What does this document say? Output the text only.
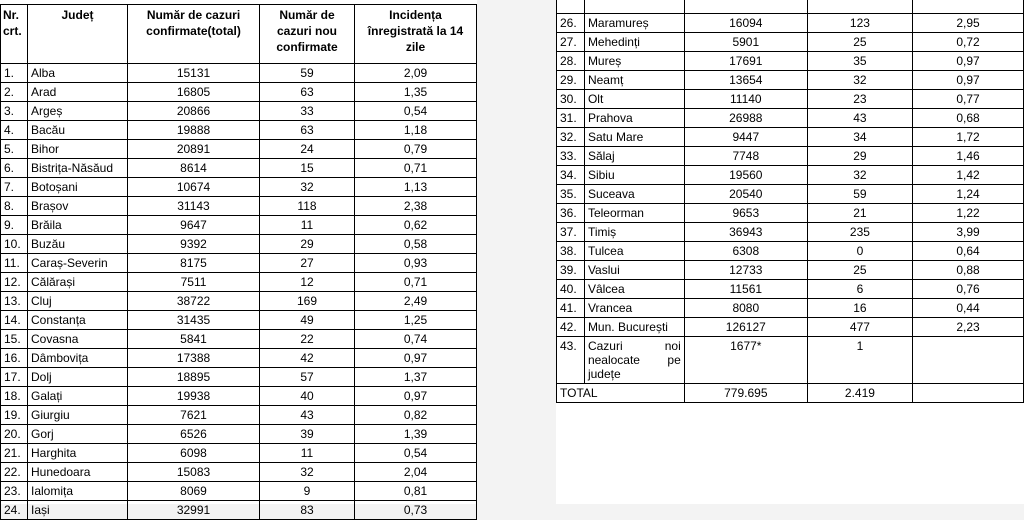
Nr. crt.	Județ	Număr de cazuri confirmate(total)	Număr de cazuri nou confirmate	Incidența înregistrată la 14 zile
1.	Alba	15131	59	2,09
2.	Arad	16805	63	1,35
3.	Argeș	20866	33	0,54
4.	Bacău	19888	63	1,18
5.	Bihor	20891	24	0,79
6.	Bistrița-Năsăud	8614	15	0,71
7.	Botoșani	10674	32	1,13
8.	Brașov	31143	118	2,38
9.	Brăila	9647	11	0,62
10.	Buzău	9392	29	0,58
11.	Caraș-Severin	8175	27	0,93
12.	Călărași	7511	12	0,71
13.	Cluj	38722	169	2,49
14.	Constanța	31435	49	1,25
15.	Covasna	5841	22	0,74
16.	Dâmbovița	17388	42	0,97
17.	Dolj	18895	57	1,37
18.	Galați	19938	40	0,97
19.	Giurgiu	7621	43	0,82
20.	Gorj	6526	39	1,39
21.	Harghita	6098	11	0,54
22.	Hunedoara	15083	32	2,04
23.	Ialomița	8069	9	0,81
24.	Iași	32991	83	0,73

26.	Maramureș	16094	123	2,95
27.	Mehedinți	5901	25	0,72
28.	Mureș	17691	35	0,97
29.	Neamț	13654	32	0,97
30.	Olt	11140	23	0,77
31.	Prahova	26988	43	0,68
32.	Satu Mare	9447	34	1,72
33.	Sălaj	7748	29	1,46
34.	Sibiu	19560	32	1,42
35.	Suceava	20540	59	1,24
36.	Teleorman	9653	21	1,22
37.	Timiș	36943	235	3,99
38.	Tulcea	6308	0	0,64
39.	Vaslui	12733	25	0,88
40.	Vâlcea	11561	6	0,76
41.	Vrancea	8080	16	0,44
42.	Mun. București	126127	477	2,23
43.	Cazuri noi
nealocate pe
județe	1677*	1	
TOTAL		779.695	2.419	
